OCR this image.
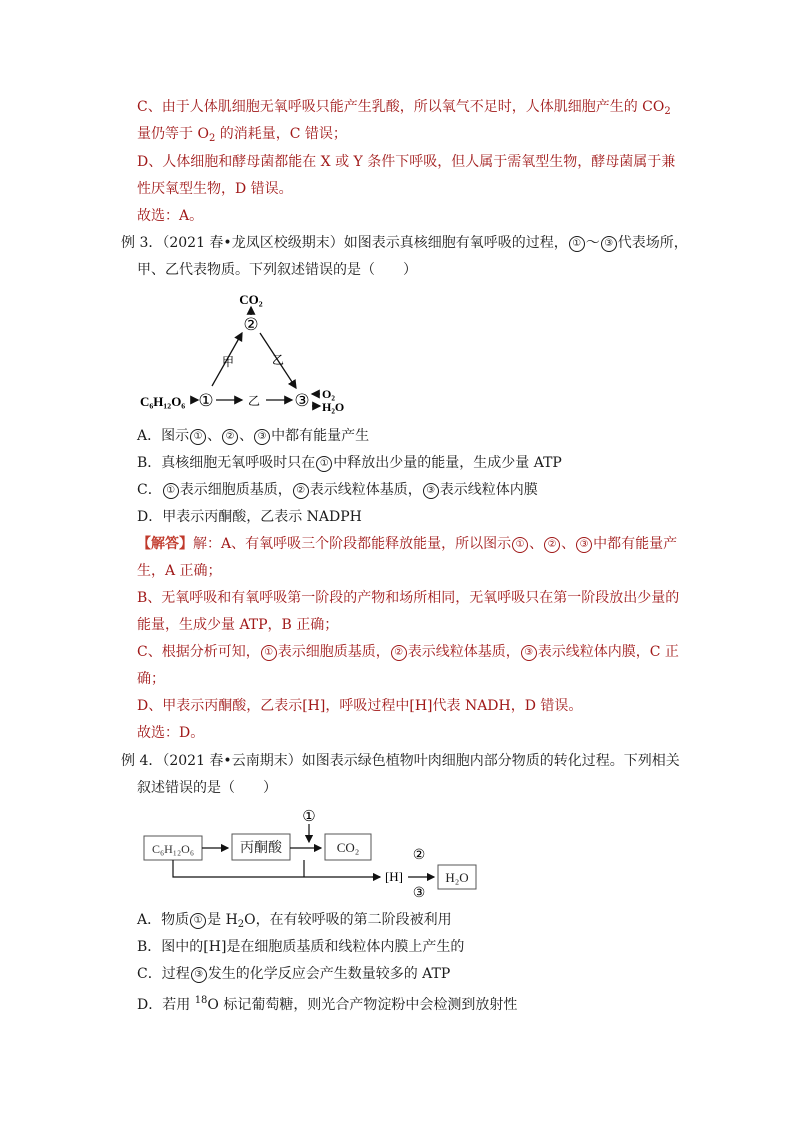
C、由于人体肌细胞无氧呼吸只能产生乳酸，所以氧气不足时，人体肌细胞产生的 $CO_2$
量仍等于 $O_2$ 的消耗量，C 错误；
D、人体细胞和酵母菌都能在 X 或 Y 条件下呼吸，但人属于需氧型生物，酵母菌属于兼
性厌氧型生物，D 错误。
故选：A。
例 3．（2021 春•龙凤区校级期末）如图表示真核细胞有氧呼吸的过程， ① ～ ③ 代表场所，
甲、乙代表物质。下列叙述错误的是（　　）
CO₂
②
甲	乙
C₆H₁₂O₆ ①	乙 ③ O₂
H₂O
A．图示 ① 、 ② 、 ③ 中都有能量产生
B．真核细胞无氧呼吸时只在 ① 中释放出少量的能量，生成少量 ATP
C． ① 表示细胞质基质， ② 表示线粒体基质， ③ 表示线粒体内膜
D．甲表示丙酮酸，乙表示 NADPH
【解答】解：A、有氧呼吸三个阶段都能释放能量，所以图示 ① 、 ② 、 ③ 中都有能量产
生，A 正确；
B、无氧呼吸和有氧呼吸第一阶段的产物和场所相同，无氧呼吸只在第一阶段放出少量的
能量，生成少量 ATP，B 正确；
C、根据分析可知， ① 表示细胞质基质， ② 表示线粒体基质， ③ 表示线粒体内膜，C 正
确；
D、甲表示丙酮酸，乙表示[H]，呼吸过程中[H]代表 NADH，D 错误。
故选：D。
例 4．（2021 春•云南期末）如图表示绿色植物叶肉细胞内部分物质的转化过程。下列相关
叙述错误的是（　　）
C₆H₁₂O₆	丙酮酸
①
CO₂
[H]
②
③
H₂O
A．物质 ① 是 $H_2O$，在有较呼吸的第二阶段被利用
B．图中的[H]是在细胞质基质和线粒体内膜上产生的
C．过程 ③ 发生的化学反应会产生数量较多的 ATP
D．若用 $^{18}$O 标记葡萄糖，则光合产物淀粉中会检测到放射性
